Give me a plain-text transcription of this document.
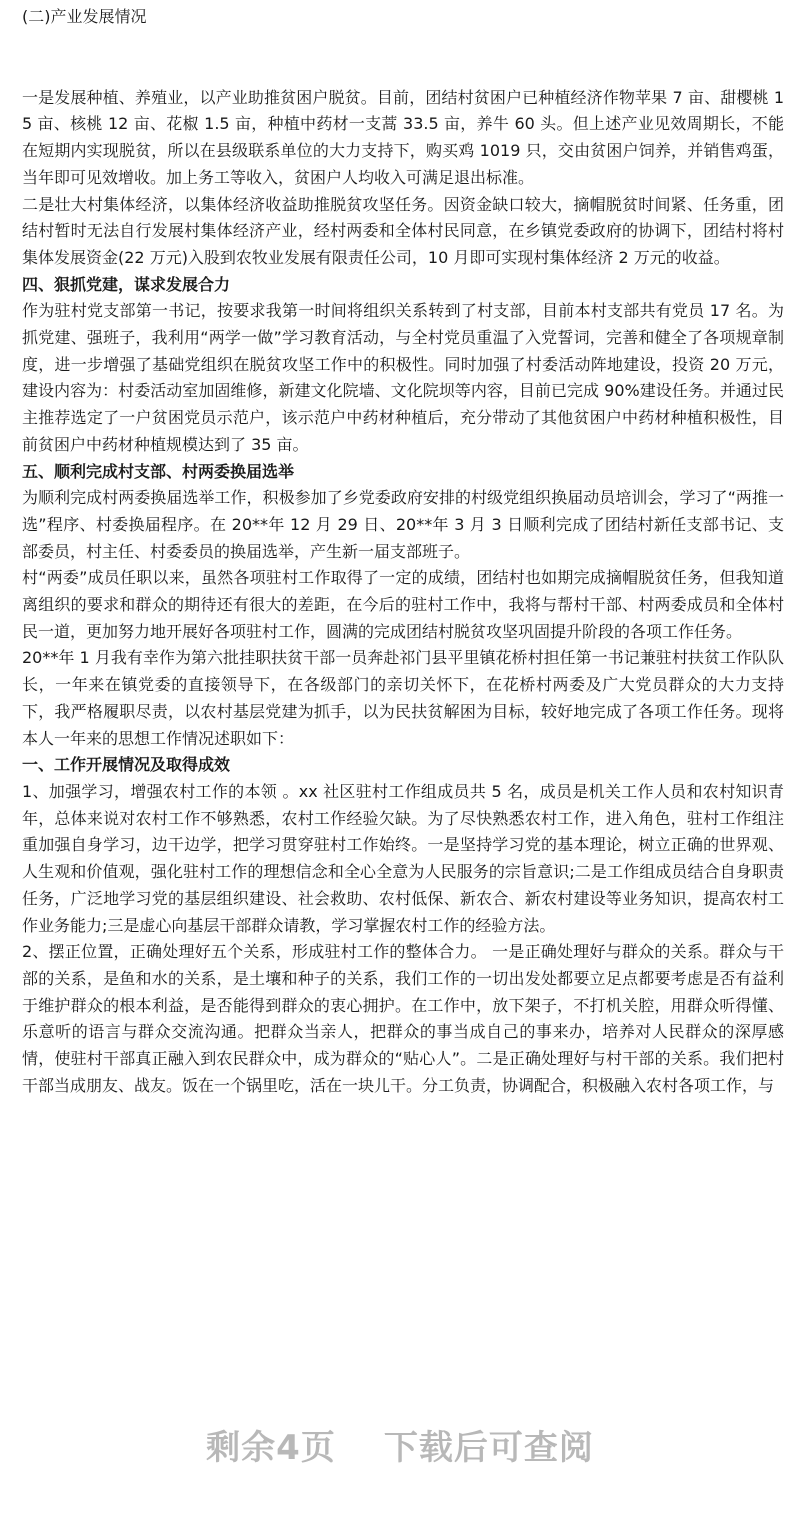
(二)产业发展情况

一是发展种植、养殖业，以产业助推贫困户脱贫。目前，团结村贫困户已种植经济作物苹果 7 亩、甜樱桃 15 亩、核桃 12 亩、花椒 1.5 亩，种植中药材一支蒿 33.5 亩，养牛 60 头。但上述产业见效周期长，不能在短期内实现脱贫，所以在县级联系单位的大力支持下，购买鸡 1019 只，交由贫困户饲养，并销售鸡蛋，当年即可见效增收。加上务工等收入，贫困户人均收入可满足退出标准。

二是壮大村集体经济，以集体经济收益助推脱贫攻坚任务。因资金缺口较大，摘帽脱贫时间紧、任务重，团结村暂时无法自行发展村集体经济产业，经村两委和全体村民同意，在乡镇党委政府的协调下，团结村将村集体发展资金(22 万元)入股到农牧业发展有限责任公司，10 月即可实现村集体经济 2 万元的收益。

四、狠抓党建，谋求发展合力

作为驻村党支部第一书记，按要求我第一时间将组织关系转到了村支部，目前本村支部共有党员 17 名。为抓党建、强班子，我利用“两学一做”学习教育活动，与全村党员重温了入党誓词，完善和健全了各项规章制度，进一步增强了基础党组织在脱贫攻坚工作中的积极性。同时加强了村委活动阵地建设，投资 20 万元，建设内容为：村委活动室加固维修，新建文化院墙、文化院坝等内容，目前已完成 90%建设任务。并通过民主推荐选定了一户贫困党员示范户，该示范户中药材种植后，充分带动了其他贫困户中药材种植积极性，目前贫困户中药材种植规模达到了 35 亩。

五、顺利完成村支部、村两委换届选举

为顺利完成村两委换届选举工作，积极参加了乡党委政府安排的村级党组织换届动员培训会，学习了“两推一选”程序、村委换届程序。在 20**年 12 月 29 日、20**年 3 月 3 日顺利完成了团结村新任支部书记、支部委员，村主任、村委委员的换届选举，产生新一届支部班子。

村“两委”成员任职以来，虽然各项驻村工作取得了一定的成绩，团结村也如期完成摘帽脱贫任务，但我知道离组织的要求和群众的期待还有很大的差距，在今后的驻村工作中，我将与帮村干部、村两委成员和全体村民一道，更加努力地开展好各项驻村工作，圆满的完成团结村脱贫攻坚巩固提升阶段的各项工作任务。

20**年 1 月我有幸作为第六批挂职扶贫干部一员奔赴祁门县平里镇花桥村担任第一书记兼驻村扶贫工作队队长，一年来在镇党委的直接领导下，在各级部门的亲切关怀下，在花桥村两委及广大党员群众的大力支持下，我严格履职尽责，以农村基层党建为抓手，以为民扶贫解困为目标，较好地完成了各项工作任务。现将本人一年来的思想工作情况述职如下：

一、工作开展情况及取得成效

1、加强学习，增强农村工作的本领 。xx 社区驻村工作组成员共 5 名，成员是机关工作人员和农村知识青年，总体来说对农村工作不够熟悉，农村工作经验欠缺。为了尽快熟悉农村工作，进入角色，驻村工作组注重加强自身学习，边干边学，把学习贯穿驻村工作始终。一是坚持学习党的基本理论，树立正确的世界观、人生观和价值观，强化驻村工作的理想信念和全心全意为人民服务的宗旨意识;二是工作组成员结合自身职责任务，广泛地学习党的基层组织建设、社会救助、农村低保、新农合、新农村建设等业务知识，提高农村工作业务能力;三是虚心向基层干部群众请教，学习掌握农村工作的经验方法。

2、摆正位置，正确处理好五个关系，形成驻村工作的整体合力。 一是正确处理好与群众的关系。群众与干部的关系，是鱼和水的关系，是土壤和种子的关系，我们工作的一切出发处都要立足点都要考虑是否有益利于维护群众的根本利益，是否能得到群众的衷心拥护。在工作中，放下架子，不打机关腔，用群众听得懂、乐意听的语言与群众交流沟通。把群众当亲人，把群众的事当成自己的事来办，培养对人民群众的深厚感情，使驻村干部真正融入到农民群众中，成为群众的“贴心人”。二是正确处理好与村干部的关系。我们把村干部当成朋友、战友。饭在一个锅里吃，活在一块儿干。分工负责，协调配合，积极融入农村各项工作，与

剩余4页 下载后可查阅
